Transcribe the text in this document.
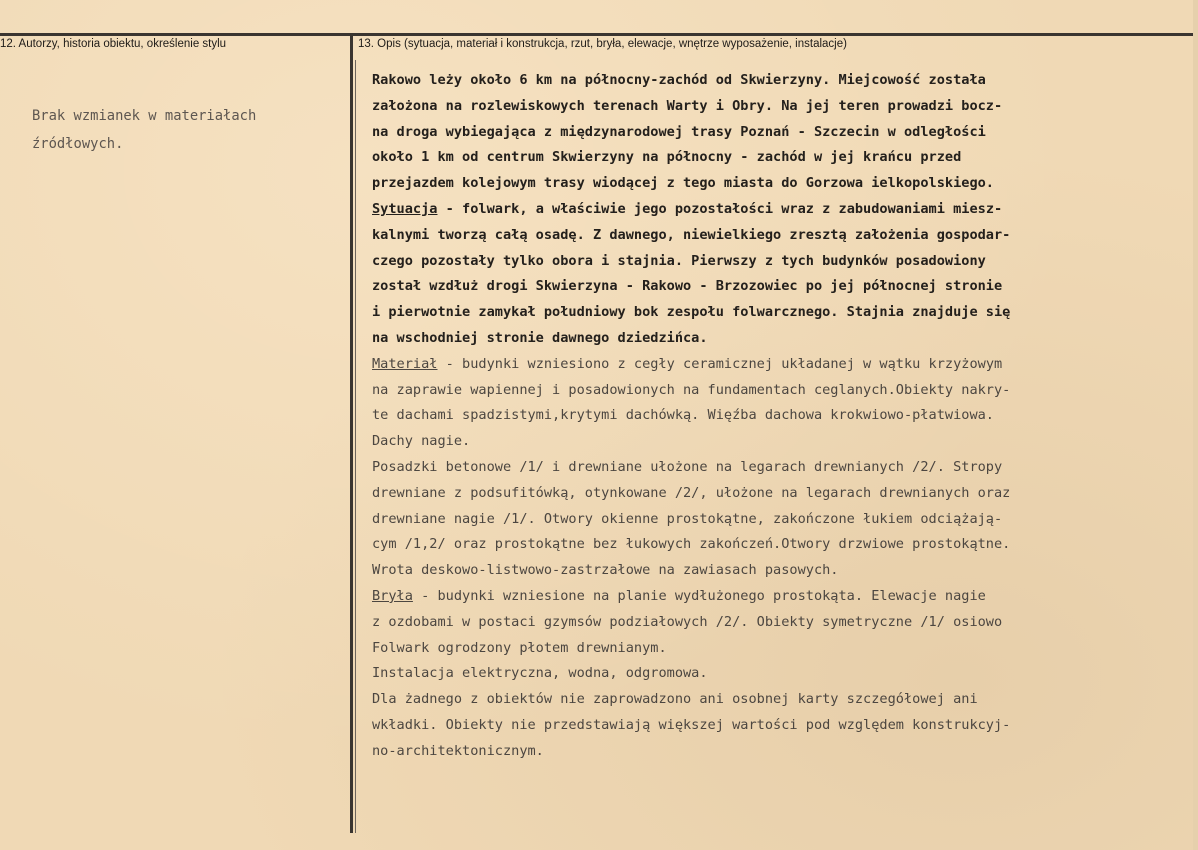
12. Autorzy, historia obiektu, określenie stylu	13. Opis (sytuacja, materiał i konstrukcja, rzut, bryła, elewacje, wnętrze wyposażenie, instalacje)
Brak wzmianek w materiałach
źródłowych.
Rakowo leży około 6 km na północny-zachód od Skwierzyny. Miejcowość została
założona na rozlewiskowych terenach Warty i Obry. Na jej teren prowadzi bocz-
na droga wybiegająca z międzynarodowej trasy Poznań - Szczecin w odległości
około 1 km od centrum Skwierzyny na północny - zachód w jej krańcu przed
przejazdem kolejowym trasy wiodącej z tego miasta do Gorzowa ielkopolskiego.
Sytuacja - folwark, a właściwie jego pozostałości wraz z zabudowaniami miesz-
kalnymi tworzą całą osadę. Z dawnego, niewielkiego zresztą założenia gospodar-
czego pozostały tylko obora i stajnia. Pierwszy z tych budynków posadowiony
został wzdłuż drogi Skwierzyna - Rakowo - Brzozowiec po jej północnej stronie
i pierwotnie zamykał południowy bok zespołu folwarcznego. Stajnia znajduje się
na wschodniej stronie dawnego dziedzińca.
Materiał - budynki wzniesiono z cegły ceramicznej układanej w wątku krzyżowym
na zaprawie wapiennej i posadowionych na fundamentach ceglanych.Obiekty nakry-
te dachami spadzistymi,krytymi dachówką. Więźba dachowa krokwiowo-płatwiowa.
Dachy nagie.
Posadzki betonowe /1/ i drewniane ułożone na legarach drewnianych /2/. Stropy
drewniane z podsufitówką, otynkowane /2/, ułożone na legarach drewnianych oraz
drewniane nagie /1/. Otwory okienne prostokątne, zakończone łukiem odciążają-
cym /1,2/ oraz prostokątne bez łukowych zakończeń.Otwory drzwiowe prostokątne.
Wrota deskowo-listwowo-zastrzałowe na zawiasach pasowych.
Bryła - budynki wzniesione na planie wydłużonego prostokąta. Elewacje nagie
z ozdobami w postaci gzymsów podziałowych /2/. Obiekty symetryczne /1/ osiowo
Folwark ogrodzony płotem drewnianym.
Instalacja elektryczna, wodna, odgromowa.
Dla żadnego z obiektów nie zaprowadzono ani osobnej karty szczegółowej ani
wkładki. Obiekty nie przedstawiają większej wartości pod względem konstrukcyj-
no-architektonicznym.
